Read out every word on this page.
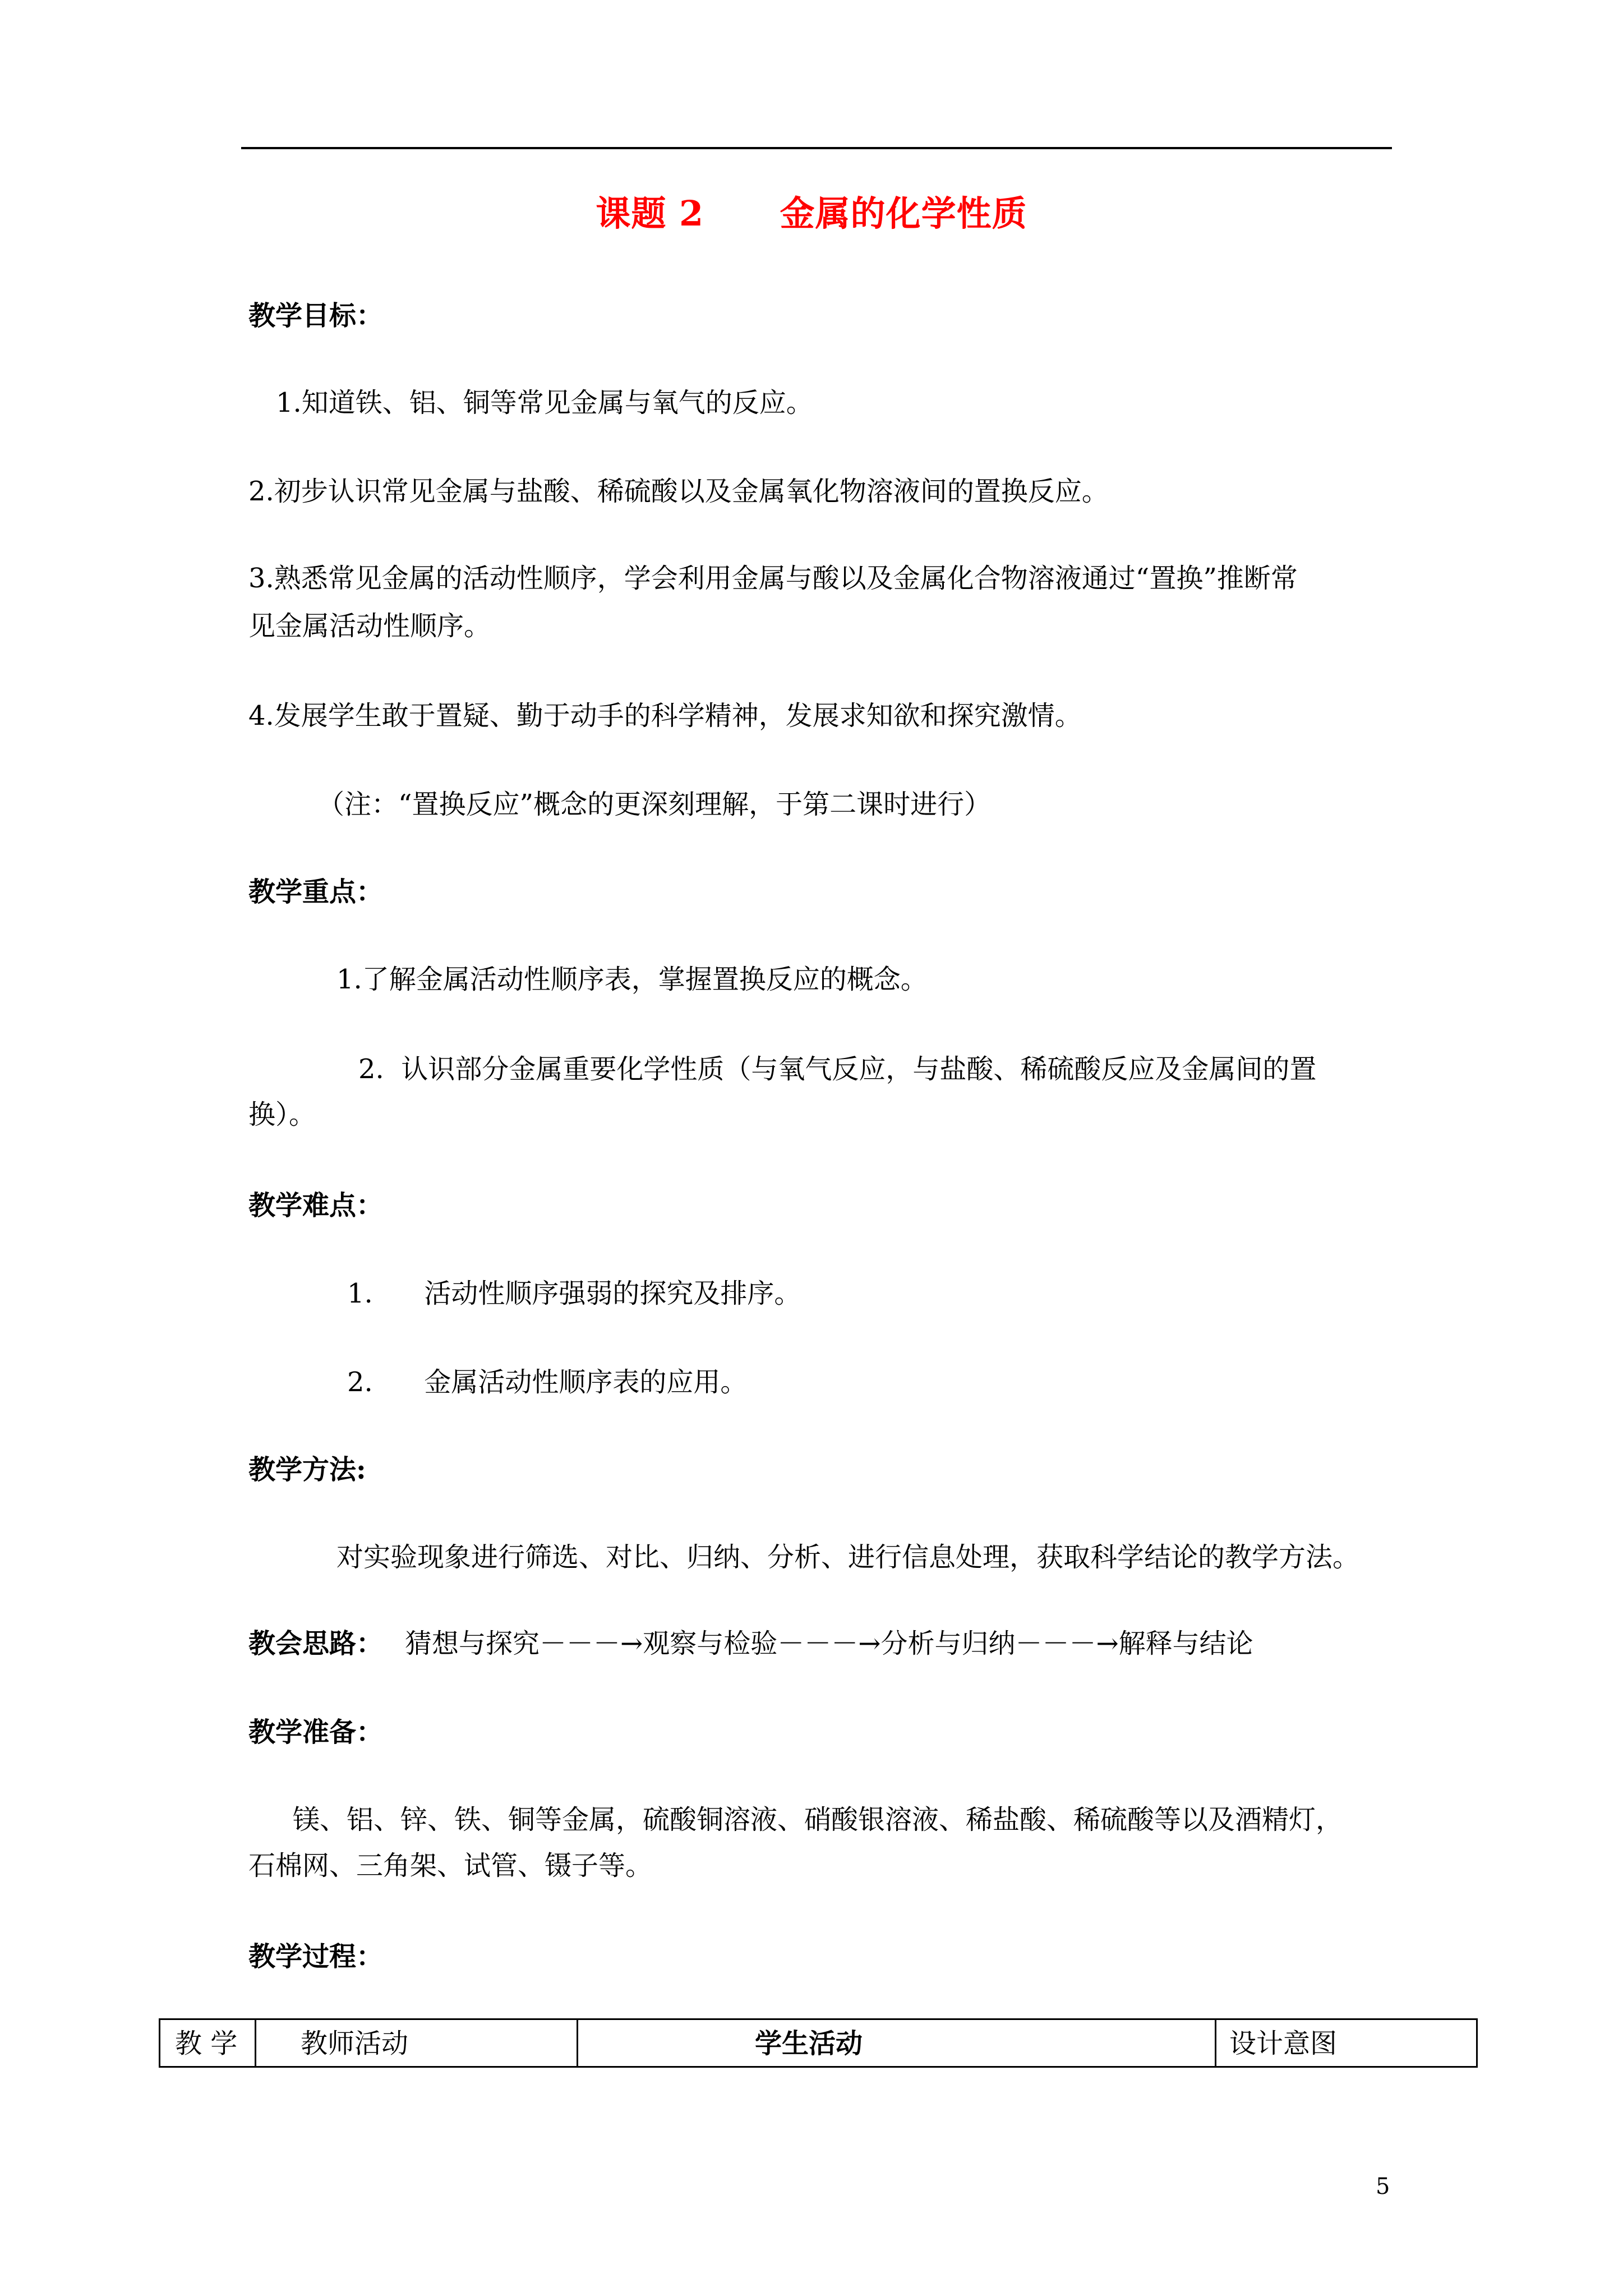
课题 2      金属的化学性质
教学目标：
1.知道铁、铝、铜等常见金属与氧气的反应。
2.初步认识常见金属与盐酸、稀硫酸以及金属氧化物溶液间的置换反应。
3.熟悉常见金属的活动性顺序，学会利用金属与酸以及金属化合物溶液通过“置换”推断常
见金属活动性顺序。
4.发展学生敢于置疑、勤于动手的科学精神，发展求知欲和探究激情。
（注：“置换反应”概念的更深刻理解，于第二课时进行）
教学重点：
1.了解金属活动性顺序表，掌握置换反应的概念。
2.  认识部分金属重要化学性质（与氧气反应，与盐酸、稀硫酸反应及金属间的置
换）。
教学难点：
1.      活动性顺序强弱的探究及排序。
2.      金属活动性顺序表的应用。
教学方法:
对实验现象进行筛选、对比、归纳、分析、进行信息处理，获取科学结论的教学方法。
教会思路： 猜想与探究－－－→观察与检验－－－→分析与归纳－－－→解释与结论
教学准备：
镁、铝、锌、铁、铜等金属，硫酸铜溶液、硝酸银溶液、稀盐酸、稀硫酸等以及酒精灯，
石棉网、三角架、试管、镊子等。
教学过程：
教 学 教师活动	学生活动	设计意图
5
